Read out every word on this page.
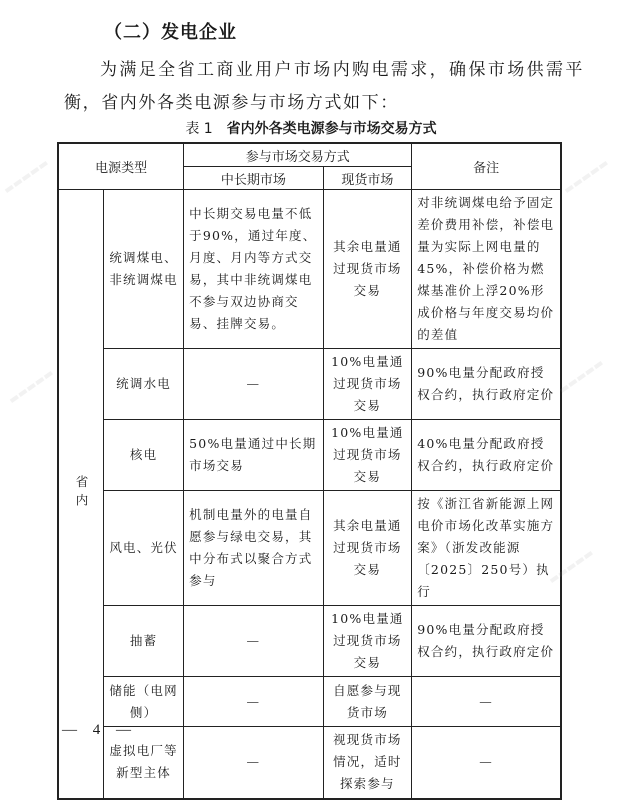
（二）发电企业
为满足全省工商业用户市场内购电需求，确保市场供需平衡，省内外各类电源参与市场方式如下：
表 1 省内外各类电源参与市场交易方式
电源类型		参与市场交易方式		备注
		中长期市场	现货市场	
省内	统调煤电、非统调煤电	中长期交易电量不低于90%，通过年度、月度、月内等方式交易，其中非统调煤电不参与双边协商交易、挂牌交易。	其余电量通过现货市场交易	对非统调煤电给予固定差价费用补偿，补偿电量为实际上网电量的45%，补偿价格为燃煤基准价上浮20%形成价格与年度交易均价的差值
	统调水电	—	10%电量通过现货市场交易	90%电量分配政府授权合约，执行政府定价
	核电	50%电量通过中长期市场交易	10%电量通过现货市场交易	40%电量分配政府授权合约，执行政府定价
	风电、光伏	机制电量外的电量自愿参与绿电交易，其中分布式以聚合方式参与	其余电量通过现货市场交易	按《浙江省新能源上网电价市场化改革实施方案》（浙发改能源〔2025〕250号）执行
	抽蓄	—	10%电量通过现货市场交易	90%电量分配政府授权合约，执行政府定价
	储能（电网侧）	—	自愿参与现货市场	—
	虚拟电厂等新型主体	—	视现货市场情况，适时探索参与	—
— 4 —
▬▬▬▬▬
▬▬▬▬▬
▬▬▬▬▬
▬▬▬▬▬
▬▬▬▬▬
